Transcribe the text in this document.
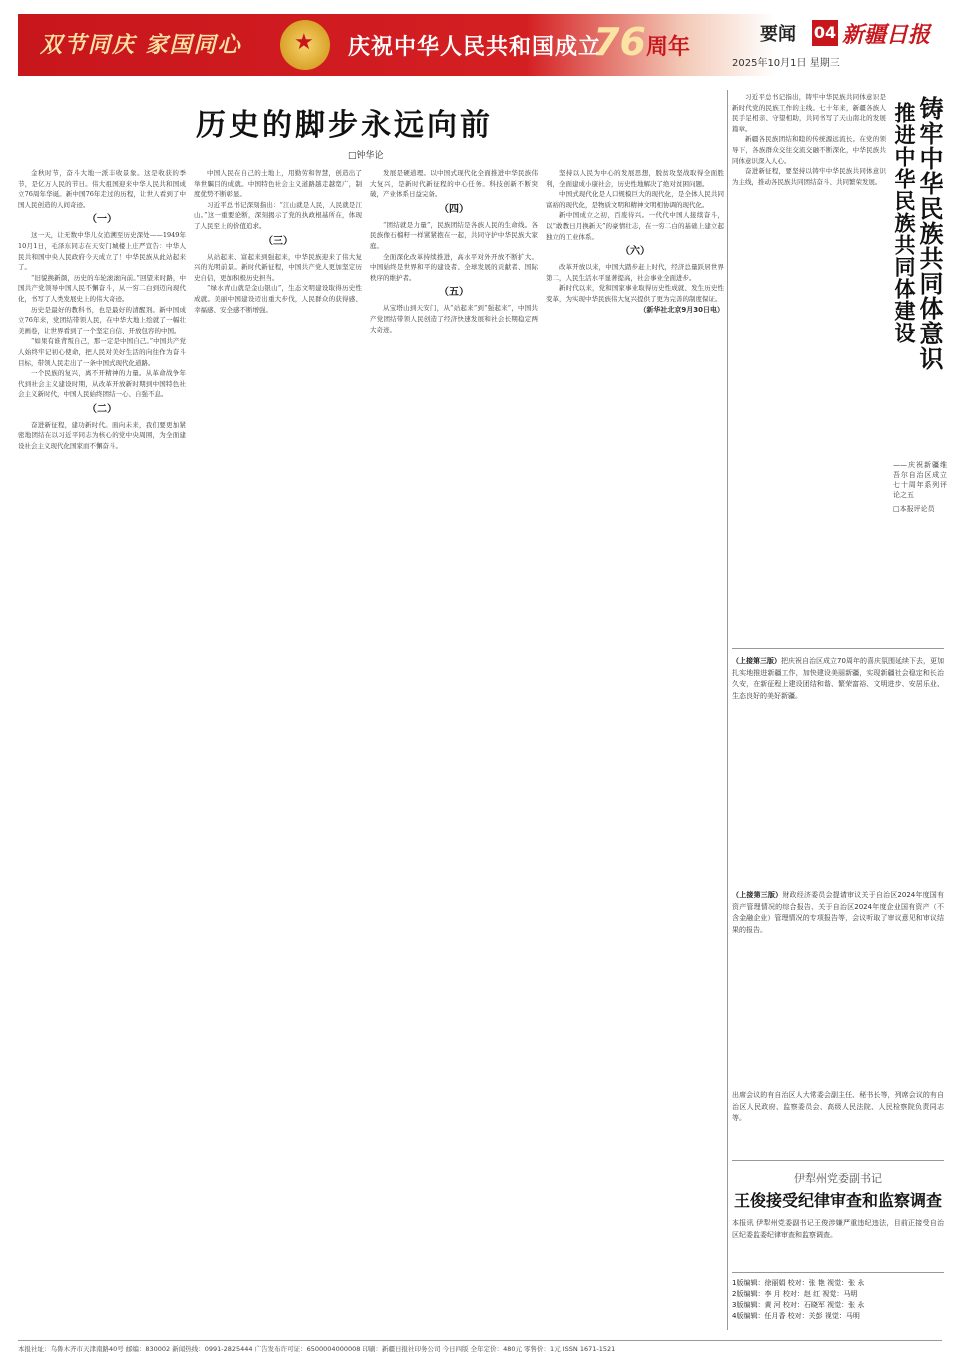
双节同庆 家国同心
★	庆祝中华人民共和国成立
76 周年
要闻 04 新疆日报
2025年10月1日 星期三
历史的脚步永远向前
□钟华论

金秋时节，奋斗大地一派丰收景象。这是收获的季节，是亿万人民的节日。伟大祖国迎来中华人民共和国成立76周年华诞。新中国76年走过的历程，让世人看到了中国人民创造的人间奇迹。

（一）

这一天，让无数中华儿女追溯至历史深处——1949年10月1日，毛泽东同志在天安门城楼上庄严宣告：中华人民共和国中央人民政府今天成立了！中华民族从此站起来了。

“旧貌换新颜，历史的车轮滚滚向前。”回望来时路，中国共产党领导中国人民不懈奋斗，从一穷二白到迈向现代化，书写了人类发展史上的伟大奇迹。

历史是最好的教科书，也是最好的清醒剂。新中国成立76年来，党团结带领人民，在中华大地上绘就了一幅壮美画卷，让世界看到了一个坚定自信、开放包容的中国。

“如果有谁背叛自己，那一定是中国自己。”中国共产党人始终牢记初心使命，把人民对美好生活的向往作为奋斗目标，带领人民走出了一条中国式现代化道路。

一个民族的复兴，离不开精神的力量。从革命战争年代到社会主义建设时期，从改革开放新时期到中国特色社会主义新时代，中国人民始终团结一心、自强不息。

（二）

奋进新征程，建功新时代。面向未来，我们要更加紧密地团结在以习近平同志为核心的党中央周围，为全面建设社会主义现代化国家而不懈奋斗。

中国人民在自己的土地上，用勤劳和智慧，创造出了举世瞩目的成就。中国特色社会主义道路越走越宽广，制度优势不断彰显。

习近平总书记深刻指出：“江山就是人民，人民就是江山。”这一重要论断，深刻揭示了党的执政根基所在，体现了人民至上的价值追求。

（三）

从站起来、富起来到强起来，中华民族迎来了伟大复兴的光明前景。新时代新征程，中国共产党人更加坚定历史自信，更加积极历史担当。

“绿水青山就是金山银山”，生态文明建设取得历史性成就。美丽中国建设迈出重大步伐，人民群众的获得感、幸福感、安全感不断增强。

发展是硬道理。以中国式现代化全面推进中华民族伟大复兴，是新时代新征程的中心任务。科技创新不断突破，产业体系日益完备。

（四）

“团结就是力量”，民族团结是各族人民的生命线。各民族像石榴籽一样紧紧抱在一起，共同守护中华民族大家庭。

全面深化改革持续推进，高水平对外开放不断扩大。中国始终是世界和平的建设者、全球发展的贡献者、国际秩序的维护者。

（五）

从宝塔山到天安门，从“站起来”到“强起来”，中国共产党团结带领人民创造了经济快速发展和社会长期稳定两大奇迹。

坚持以人民为中心的发展思想，脱贫攻坚战取得全面胜利，全面建成小康社会，历史性地解决了绝对贫困问题。

中国式现代化是人口规模巨大的现代化，是全体人民共同富裕的现代化，是物质文明和精神文明相协调的现代化。

新中国成立之初，百废待兴。一代代中国人接续奋斗，以“敢教日月换新天”的豪情壮志，在一穷二白的基础上建立起独立的工业体系。

（六）

改革开放以来，中国大踏步赶上时代，经济总量跃居世界第二，人民生活水平显著提高，社会事业全面进步。

新时代以来，党和国家事业取得历史性成就、发生历史性变革，为实现中华民族伟大复兴提供了更为完善的制度保证。

（新华社北京9月30日电）

习近平总书记指出，铸牢中华民族共同体意识是新时代党的民族工作的主线。七十年来，新疆各族人民手足相亲、守望相助，共同书写了天山南北的发展篇章。

新疆各民族团结和睦的传统源远流长。在党的领导下，各族群众交往交流交融不断深化，中华民族共同体意识深入人心。

奋进新征程，要坚持以铸牢中华民族共同体意识为主线，推动各民族共同团结奋斗、共同繁荣发展。 铸牢中华民族共同体意识
推进中华民族共同体建设

——庆祝新疆维吾尔自治区成立七十周年系列评论之五

□本报评论员

（上接第三版）把庆祝自治区成立70周年的喜庆氛围延续下去，更加扎实地推进新疆工作，加快建设美丽新疆，实现新疆社会稳定和长治久安，在新征程上建设团结和谐、繁荣富裕、文明进步、安居乐业、生态良好的美好新疆。
（上接第三版）财政经济委员会提请审议关于自治区2024年度国有资产管理情况的综合报告、关于自治区2024年度企业国有资产（不含金融企业）管理情况的专项报告等，会议听取了审议意见和审议结果的报告。
出席会议的有自治区人大常委会副主任、秘书长等，列席会议的有自治区人民政府、监察委员会、高级人民法院、人民检察院负责同志等。
伊犁州党委副书记
王俊接受纪律审查和监察调查
本报讯 伊犁州党委副书记王俊涉嫌严重违纪违法，目前正接受自治区纪委监委纪律审查和监察调查。
1版编辑：徐丽娟 校对：张 艳 视觉：张 永
2版编辑：李 月 校对：赵 红 视觉：马明
3版编辑：黄 河 校对：石晓军 视觉：张 永
4版编辑：任月香 校对：关彭 视觉：马明
本报社址：乌鲁木齐市天津南路40号 邮编：830002 新闻热线：0991-2825444 广告发布许可证：6500004000008 印刷：新疆日报社印务公司 今日四版 全年定价：480元 零售价：1元 ISSN 1671-1521
